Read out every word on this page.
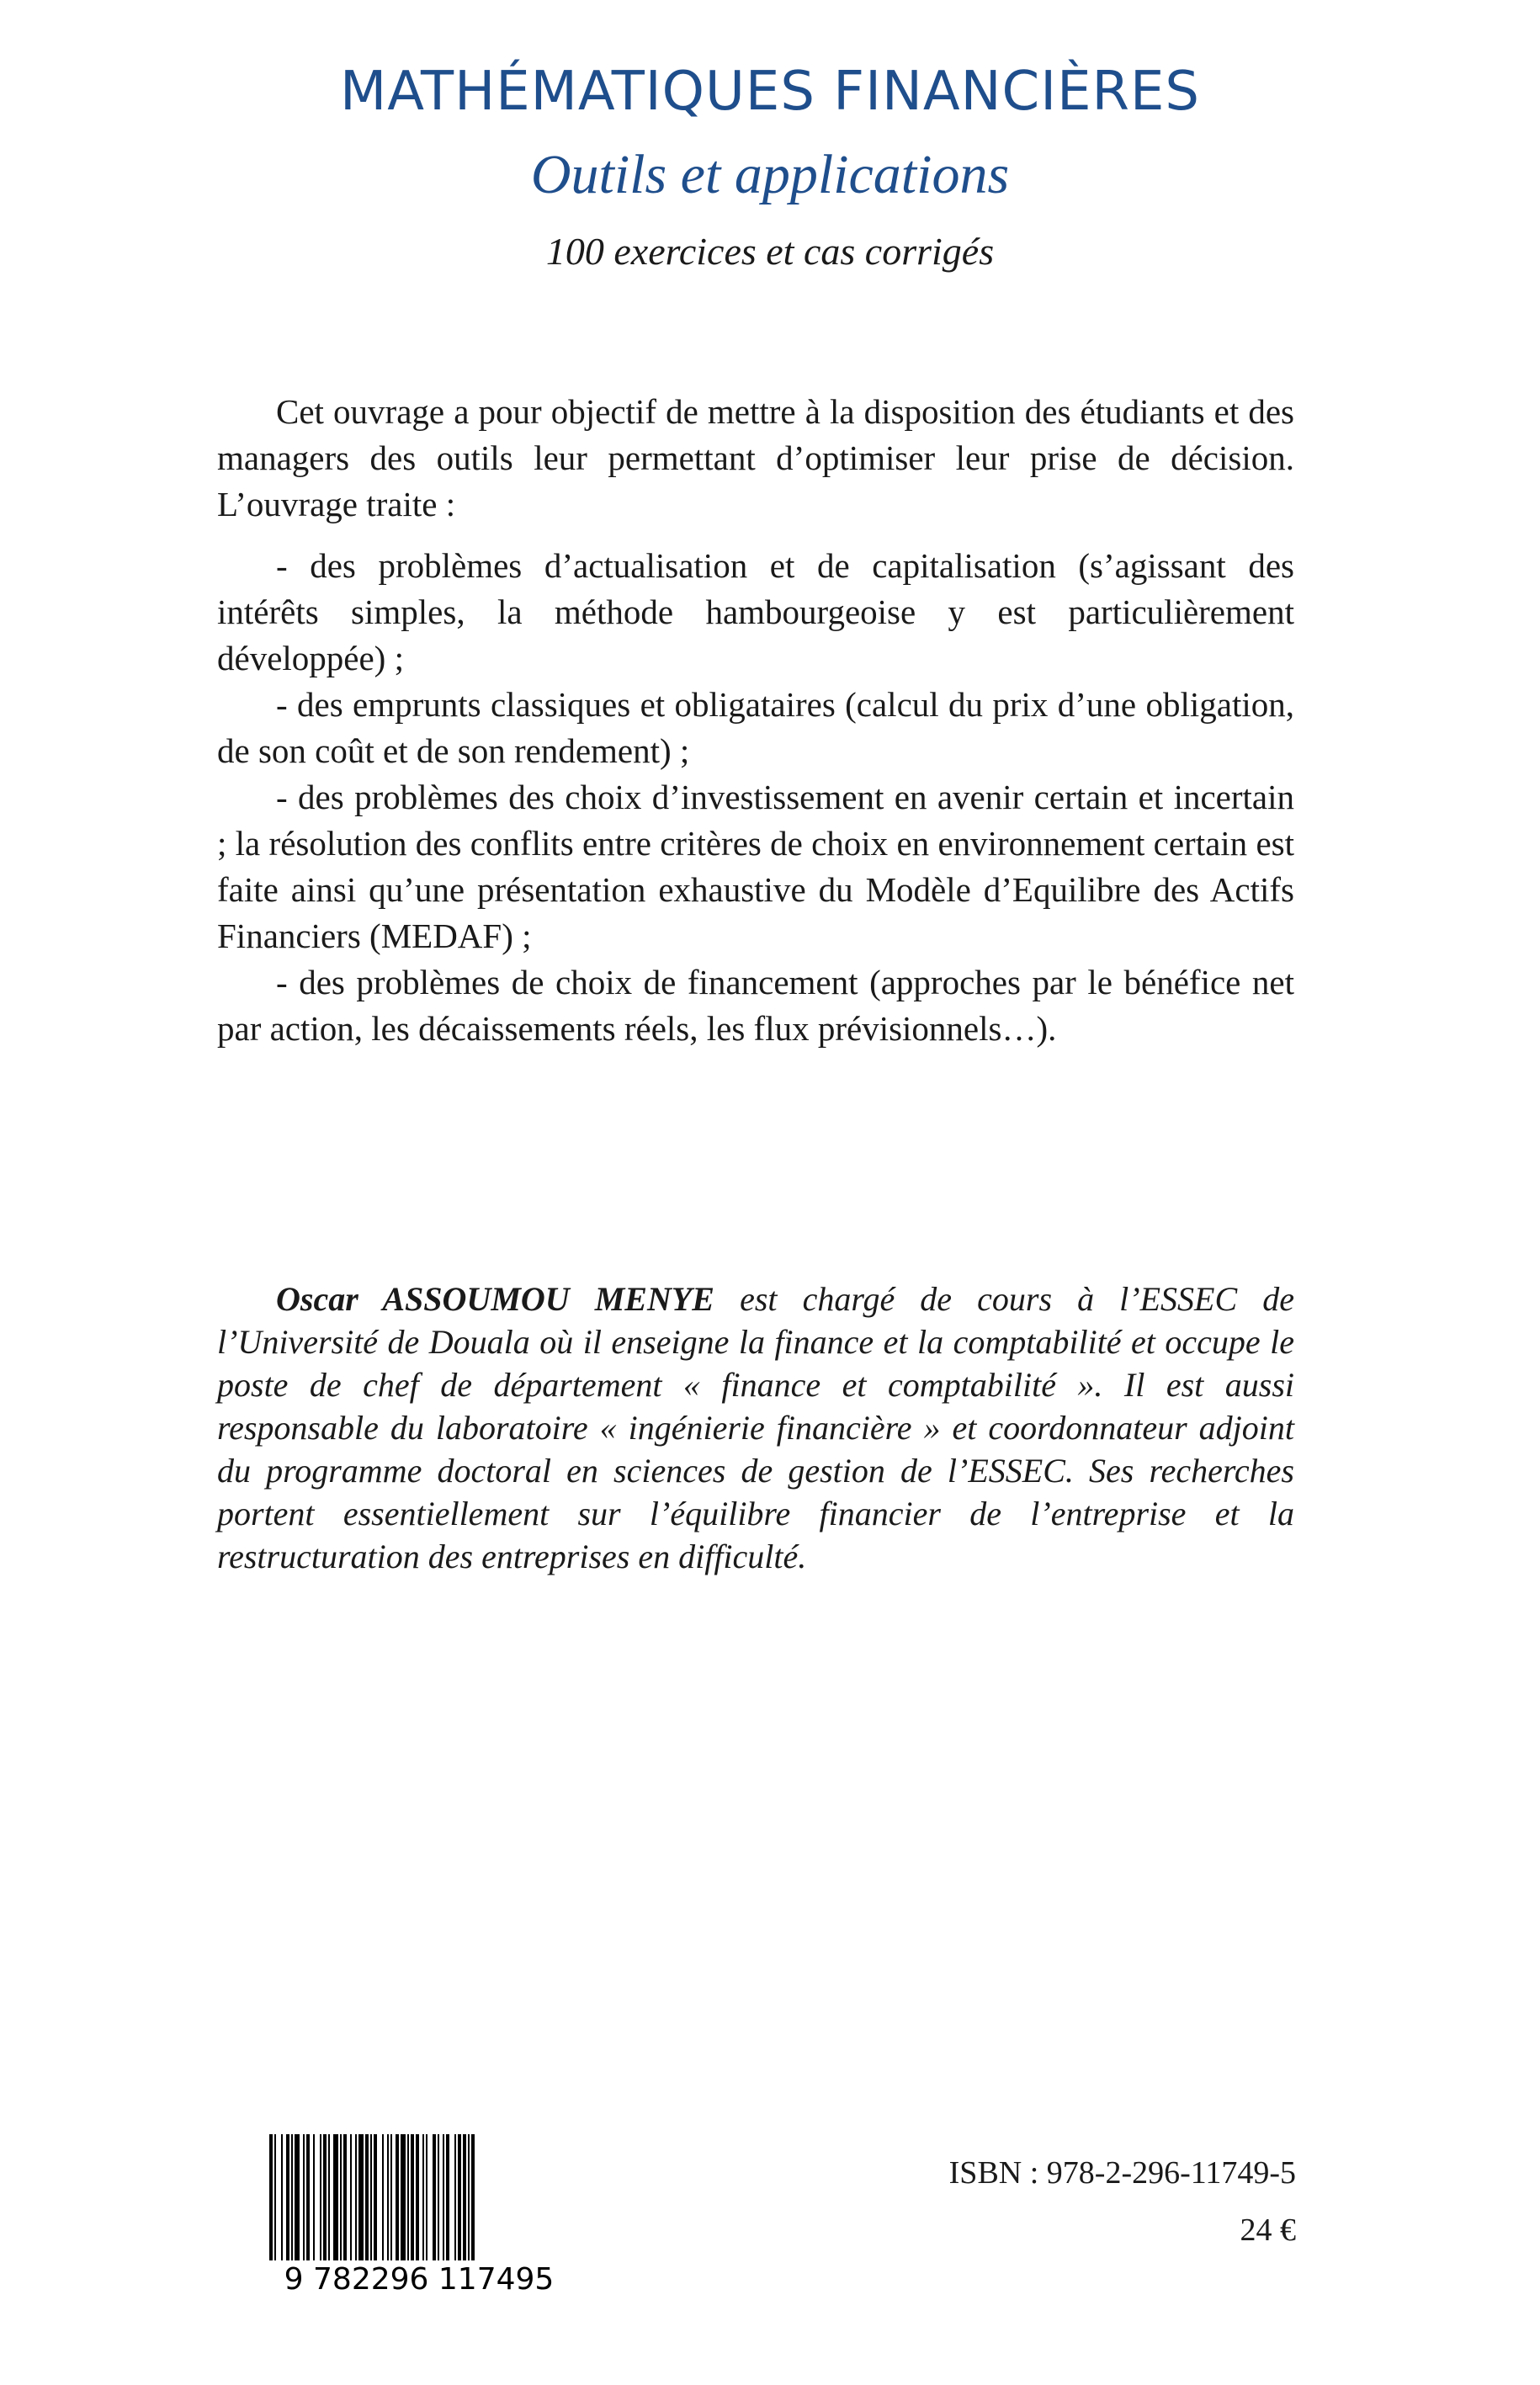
MATHÉMATIQUES FINANCIÈRES
Outils et applications
100 exercices et cas corrigés

Cet ouvrage a pour objectif de mettre à la disposition des étudiants et des managers des outils leur permettant d’optimiser leur prise de décision. L’ouvrage traite :

- des problèmes d’actualisation et de capitalisation (s’agissant des intérêts simples, la méthode hambourgeoise y est particulièrement développée) ;

- des emprunts classiques et obligataires (calcul du prix d’une obligation, de son coût et de son rendement) ;

- des problèmes des choix d’investissement en avenir certain et incertain ; la résolution des conflits entre critères de choix en environnement certain est faite ainsi qu’une présentation exhaustive du Modèle d’Equilibre des Actifs Financiers (MEDAF) ;

- des problèmes de choix de financement (approches par le bénéfice net par action, les décaissements réels, les flux prévisionnels…).

Oscar ASSOUMOU MENYE est chargé de cours à l’ESSEC de l’Université de Douala où il enseigne la finance et la comptabilité et occupe le poste de chef de département « finance et comptabilité ». Il est aussi responsable du laboratoire « ingénierie financière » et coordonnateur adjoint du programme doctoral en sciences de gestion de l’ESSEC. Ses recherches portent essentiellement sur l’équilibre financier de l’entreprise et la restructuration des entreprises en difficulté.

9 782296 117495
ISBN : 978-2-296-11749-5
24 €
